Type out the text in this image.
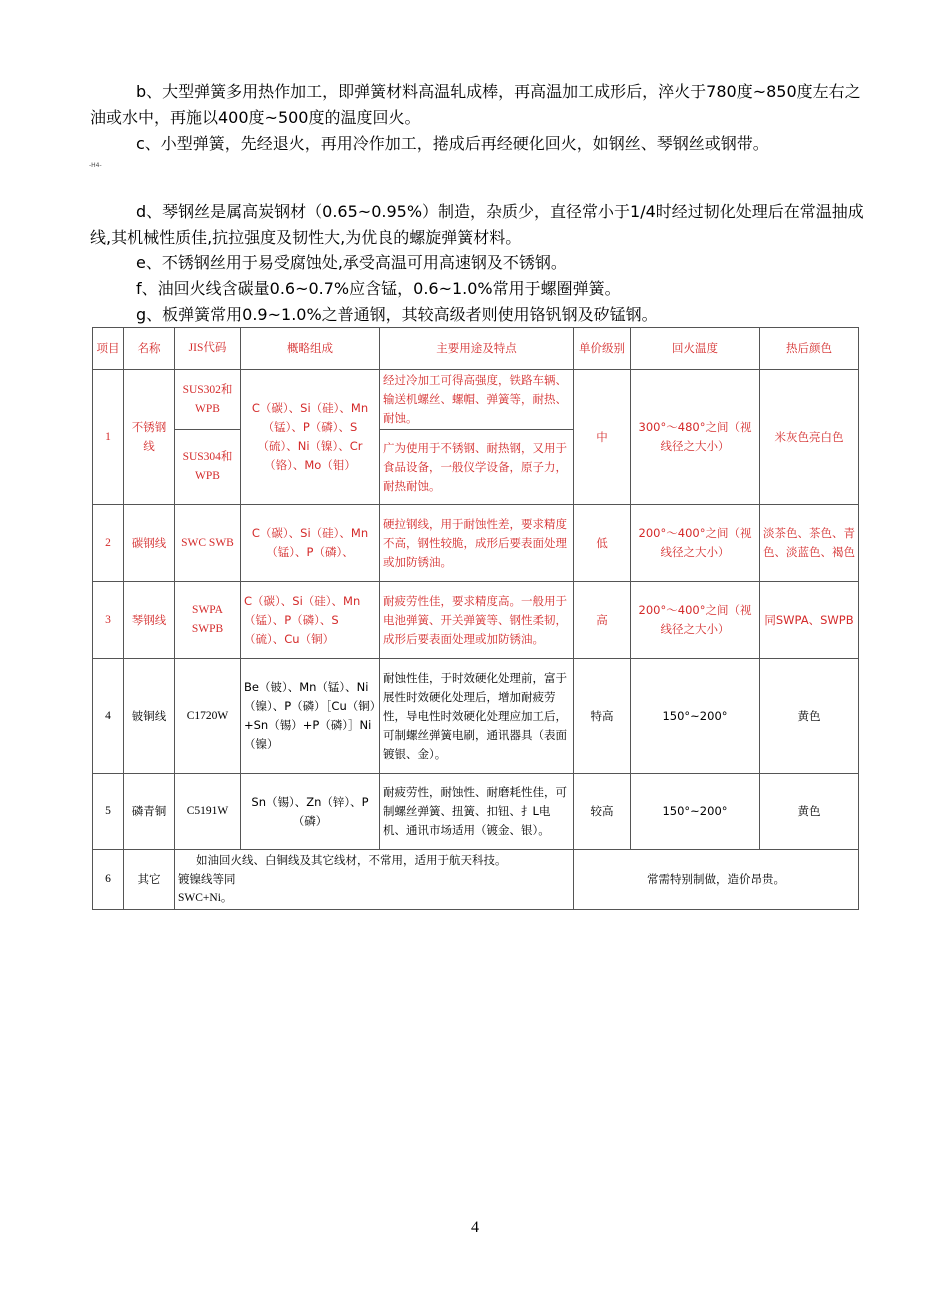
b、大型弹簧多用热作加工，即弹簧材料高温轧成棒，再高温加工成形后，淬火于780度~850度左右之油或水中，再施以400度~500度的温度回火。
c、小型弹簧，先经退火，再用冷作加工，捲成后再经硬化回火，如钢丝、琴钢丝或钢带。
-H4-
d、琴钢丝是属高炭钢材（0.65~0.95%）制造，杂质少，直径常小于1/4时经过韧化处理后在常温抽成线,其机械性质佳,抗拉强度及韧性大,为优良的螺旋弹簧材料。
e、不锈钢丝用于易受腐蚀处,承受高温可用高速钢及不锈钢。
f、油回火线含碳量0.6~0.7%应含锰，0.6~1.0%常用于螺圈弹簧。
g、板弹簧常用0.9~1.0%之普通钢，其较高级者则使用铬钒钢及矽锰钢。
项目	名称	JIS代码	概略组成	主要用途及特点	单价级别	回火温度	热后颜色
1	不锈钢线	SUS302和WPB	C（碳）、Si（硅）、Mn（锰）、P（磷）、S（硫）、Ni（镍）、Cr（铬）、Mo（钼）	经过冷加工可得高强度，铁路车辆、输送机螺丝、螺帽、弹簧等，耐热、耐蚀。	中	300°～480°之间（视线径之大小）	米灰色亮白色
		SUS304和WPB		广为使用于不锈钢、耐热钢，又用于食品设备，一般仪学设备，原子力，耐热耐蚀。			
2	碳钢线	SWC SWB	C（碳）、Si（硅）、Mn（锰）、P（磷）、	硬拉钢线，用于耐蚀性差，要求精度不高，钢性较脆，成形后要表面处理或加防锈油。	低	200°～400°之间（视线径之大小）	淡茶色、茶色、青色、淡蓝色、褐色
3	琴钢线	SWPA SWPB	C（碳）、Si（硅）、Mn（锰）、P（磷）、S（硫）、Cu（铜）	耐疲劳性佳，要求精度高。一般用于电池弹簧、开关弹簧等、钢性柔韧，成形后要表面处理或加防锈油。	高	200°～400°之间（视线径之大小）	同SWPA、SWPB
4	铍铜线	C1720W	Be（铍）、Mn（锰）、Ni（镍）、P（磷）［Cu（铜）+Sn（锡）+P（磷）］Ni（镍）	耐蚀性佳，于时效硬化处理前，富于展性时效硬化处理后，增加耐疲劳性，导电性时效硬化处理应加工后，可制螺丝弹簧电刷，通讯器具（表面镀银、金）。	特高	150°~200°	黄色
5	磷青铜	C5191W	Sn（锡）、Zn（锌）、P（磷）	耐疲劳性，耐蚀性、耐磨耗性佳，可制螺丝弹簧、扭簧、扣钮、扌L电机、通讯市场适用（镀金、银）。	较高	150°~200°	黄色
6	其它	如油回火线、白铜线及其它线材，不常用，适用于航天科技。
镀镍线等同
SWC+Ni。			常需特别制做，造价昂贵。		
4
